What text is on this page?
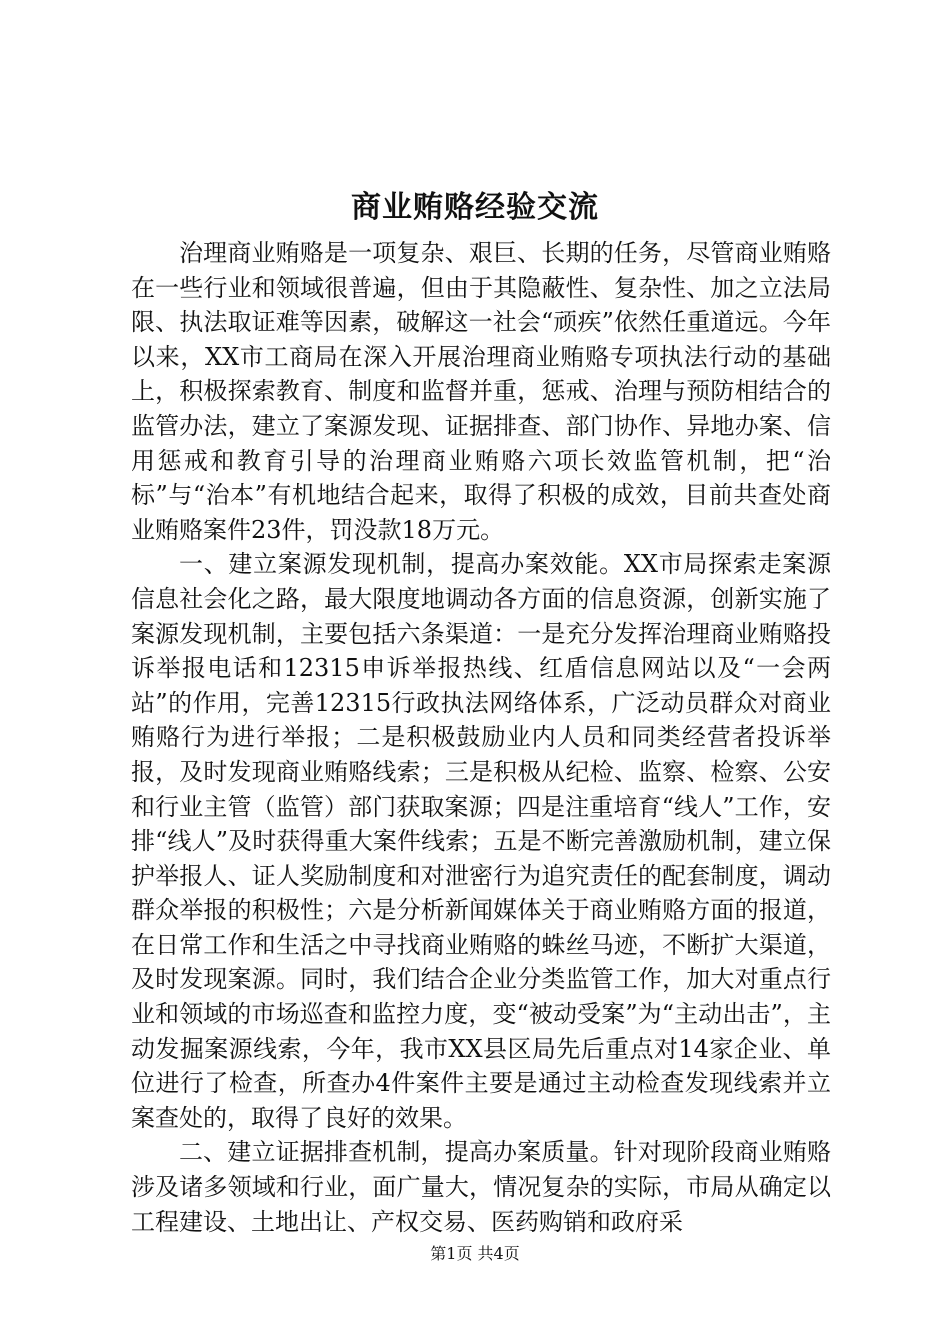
商业贿赂经验交流

治理商业贿赂是一项复杂、艰巨、长期的任务，尽管商业贿赂在一些行业和领域很普遍，但由于其隐蔽性、复杂性、加之立法局限、执法取证难等因素，破解这一社会“顽疾”依然任重道远。今年以来，XX市工商局在深入开展治理商业贿赂专项执法行动的基础上，积极探索教育、制度和监督并重，惩戒、治理与预防相结合的监管办法，建立了案源发现、证据排查、部门协作、异地办案、信用惩戒和教育引导的治理商业贿赂六项长效监管机制，把“治标”与“治本”有机地结合起来，取得了积极的成效，目前共查处商业贿赂案件23件，罚没款18万元。

一、建立案源发现机制，提高办案效能。XX市局探索走案源信息社会化之路，最大限度地调动各方面的信息资源，创新实施了案源发现机制，主要包括六条渠道：一是充分发挥治理商业贿赂投诉举报电话和12315申诉举报热线、红盾信息网站以及“一会两站”的作用，完善12315行政执法网络体系，广泛动员群众对商业贿赂行为进行举报；二是积极鼓励业内人员和同类经营者投诉举报，及时发现商业贿赂线索；三是积极从纪检、监察、检察、公安和行业主管（监管）部门获取案源；四是注重培育“线人”工作，安排“线人”及时获得重大案件线索；五是不断完善激励机制，建立保护举报人、证人奖励制度和对泄密行为追究责任的配套制度，调动群众举报的积极性；六是分析新闻媒体关于商业贿赂方面的报道，在日常工作和生活之中寻找商业贿赂的蛛丝马迹，不断扩大渠道，及时发现案源。同时，我们结合企业分类监管工作，加大对重点行业和领域的市场巡查和监控力度，变“被动受案”为“主动出击”，主动发掘案源线索，今年，我市XX县区局先后重点对14家企业、单位进行了检查，所查办4件案件主要是通过主动检查发现线索并立案查处的，取得了良好的效果。

二、建立证据排查机制，提高办案质量。针对现阶段商业贿赂涉及诸多领域和行业，面广量大，情况复杂的实际，市局从确定以工程建设、土地出让、产权交易、医药购销和政府采

第1页 共4页
